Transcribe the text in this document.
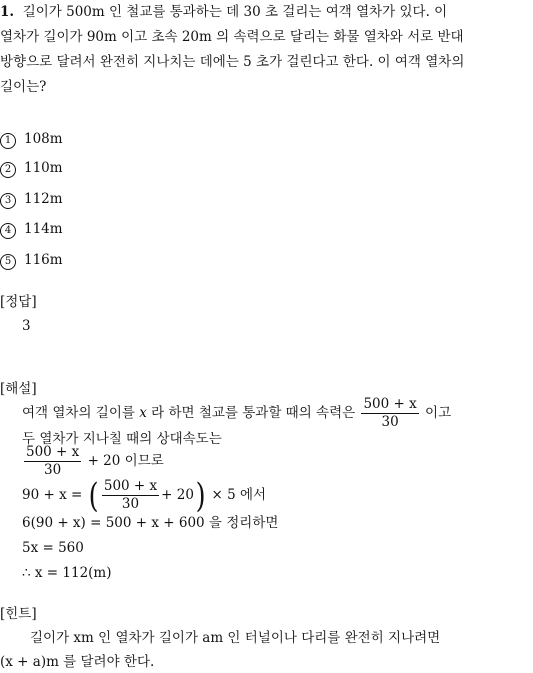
1. 길이가 500m 인 철교를 통과하는 데 30 초 걸리는 여객 열차가 있다. 이
열차가 길이가 90m 이고 초속 20m 의 속력으로 달리는 화물 열차와 서로 반대
방향으로 달려서 완전히 지나치는 데에는 5 초가 걸린다고 한다. 이 여객 열차의
길이는?
1 108m
2 110m
3 112m
4 114m
5 116m
[정답]
3
[해설]
여객 열차의 길이를 x 라 하면 철교를 통과할 때의 속력은 $\frac{500 + x}{30}$ 이고
두 열차가 지나칠 때의 상대속도는
$\frac{500 + x}{30} + 20$ 이므로
90 + x = ( $\frac{500 + x}{30} + 20) \times 5$ 에서
6(90 + x) = 500 + x + 600 을 정리하면
5x = 560
∴ x = 112(m)
[힌트]
길이가 xm 인 열차가 길이가 am 인 터널이나 다리를 완전히 지나려면
(x + a)m 를 달려야 한다.
